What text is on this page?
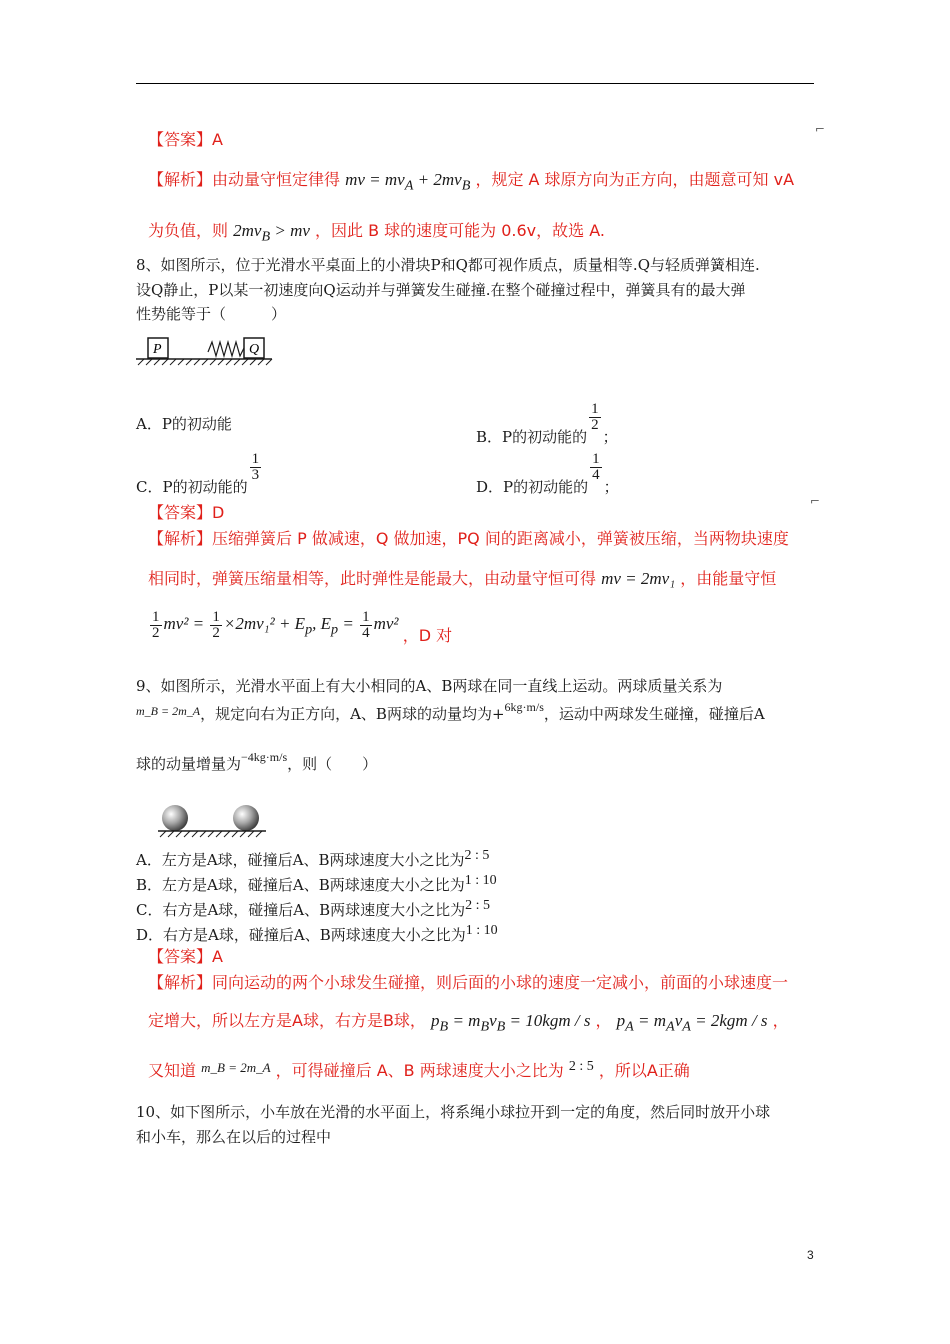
【答案】A
⌐
【解析】由动量守恒定律得 mv = $mv_A + 2mv_B$ ，规定 A 球原方向为正方向，由题意可知 vA
为负值，则 $2mv_B$ > mv ，因此 B 球的速度可能为 0.6v，故选 A.
8、如图所示，位于光滑水平桌面上的小滑块P和Q都可视作质点，质量相等.Q与轻质弹簧相连.
设Q静止，P以某一初速度向Q运动并与弹簧发生碰撞.在整个碰撞过程中，弹簧具有的最大弹
性势能等于（　　　）
P	Q
A．P的初动能
B．P的初动能的
$\frac{1}{2}$
；
C．P的初动能的
$\frac{1}{3}$
D．P的初动能的
$\frac{1}{4}$
；
⌐
【答案】D
【解析】压缩弹簧后 P 做减速，Q 做加速，PQ 间的距离减小，弹簧被压缩，当两物块速度
相同时，弹簧压缩量相等，此时弹性是能最大，由动量守恒可得 mv = 2mv₁ ，由能量守恒
$\frac{1}{2} mv^2 = \frac{1}{2} \times 2mv_1^2 + E_p$, $E_p = \frac{1}{4} mv^2$ ，D 对
9、如图所示，光滑水平面上有大小相同的A、B两球在同一直线上运动。两球质量关系为
$^{m\_B = 2m\_A}$，规定向右为正方向，A、B两球的动量均为+$^{6kg\cdot m/s}$，运动中两球发生碰撞，碰撞后A
球的动量增量为$^{-4kg\cdot m/s}$，则（　　）
A．左方是A球，碰撞后A、B两球速度大小之比为2 : 5
B．左方是A球，碰撞后A、B两球速度大小之比为1 : 10
C．右方是A球，碰撞后A、B两球速度大小之比为2 : 5
D．右方是A球，碰撞后A、B两球速度大小之比为1 : 10
【答案】A
【解析】同向运动的两个小球发生碰撞，则后面的小球的速度一定减小，前面的小球速度一
定增大，所以左方是A球，右方是B球， $p_B = m_Bv_B = 10kgm / s$ ， $p_A = m_Av_A = 2kgm / s$ ，
又知道 $^{m\_B = 2m\_A}$ ，可得碰撞后 A、B 两球速度大小之比为 2 : 5 ，所以A正确
10、如下图所示，小车放在光滑的水平面上，将系绳小球拉开到一定的角度，然后同时放开小球
和小车，那么在以后的过程中
3
